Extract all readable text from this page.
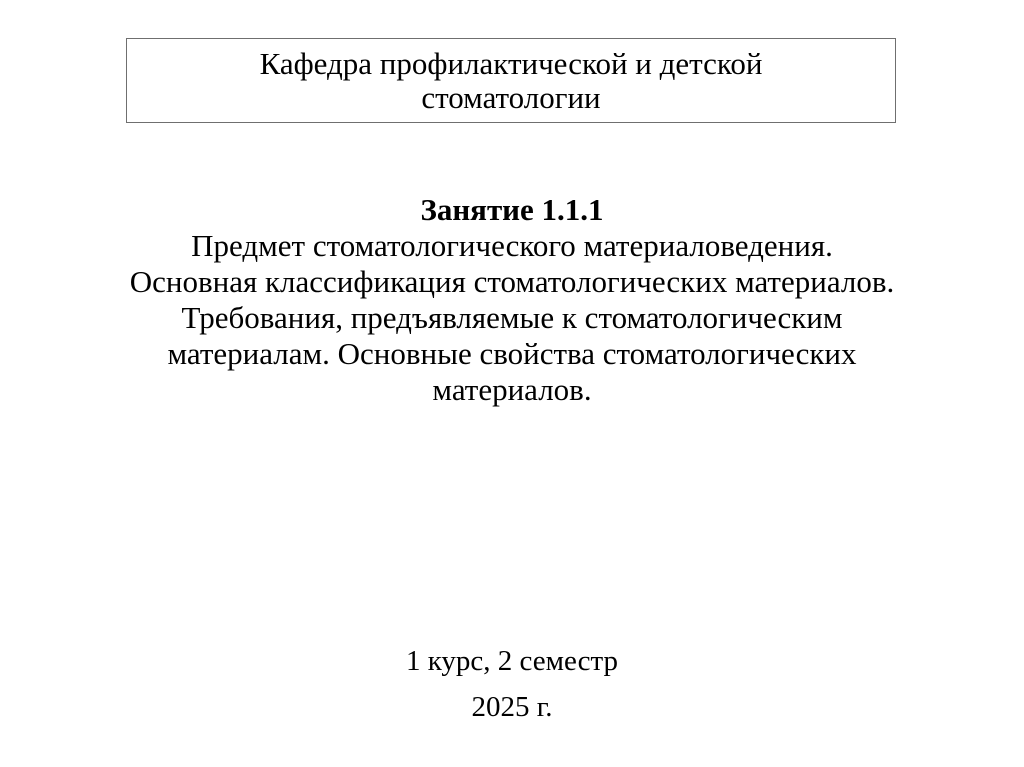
Кафедра профилактической и детской
стоматологии
Занятие 1.1.1
Предмет стоматологического материаловедения.
Основная классификация стоматологических материалов.
Требования, предъявляемые к стоматологическим
материалам. Основные свойства стоматологических
материалов.
1 курс, 2 семестр
2025 г.
